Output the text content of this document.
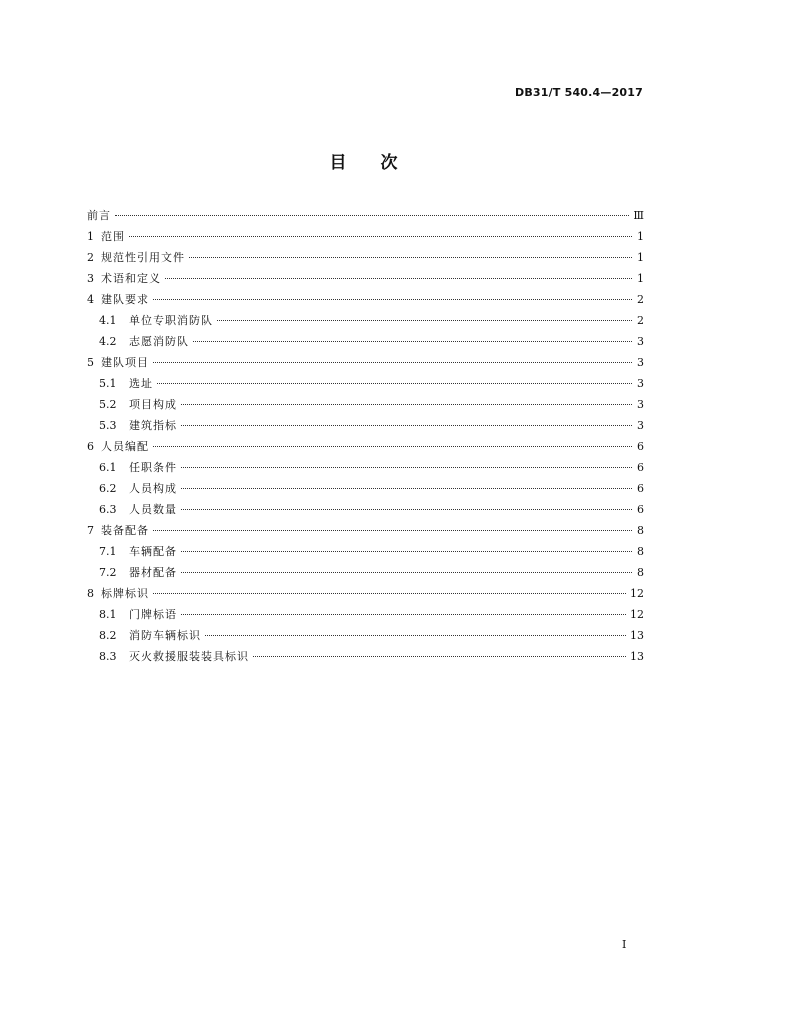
DB31/T 540.4—2017
目次
前言	Ⅲ
1 范围	1
2 规范性引用文件	1
3 术语和定义	1
4 建队要求	2
4.1	单位专职消防队	2
4.2	志愿消防队	3
5 建队项目	3
5.1	选址	3
5.2	项目构成	3
5.3	建筑指标	3
6 人员编配	6
6.1	任职条件	6
6.2	人员构成	6
6.3	人员数量	6
7 装备配备	8
7.1	车辆配备	8
7.2	器材配备	8
8 标牌标识	12
8.1	门牌标语	12
8.2	消防车辆标识	13
8.3	灭火救援服装装具标识	13
I
